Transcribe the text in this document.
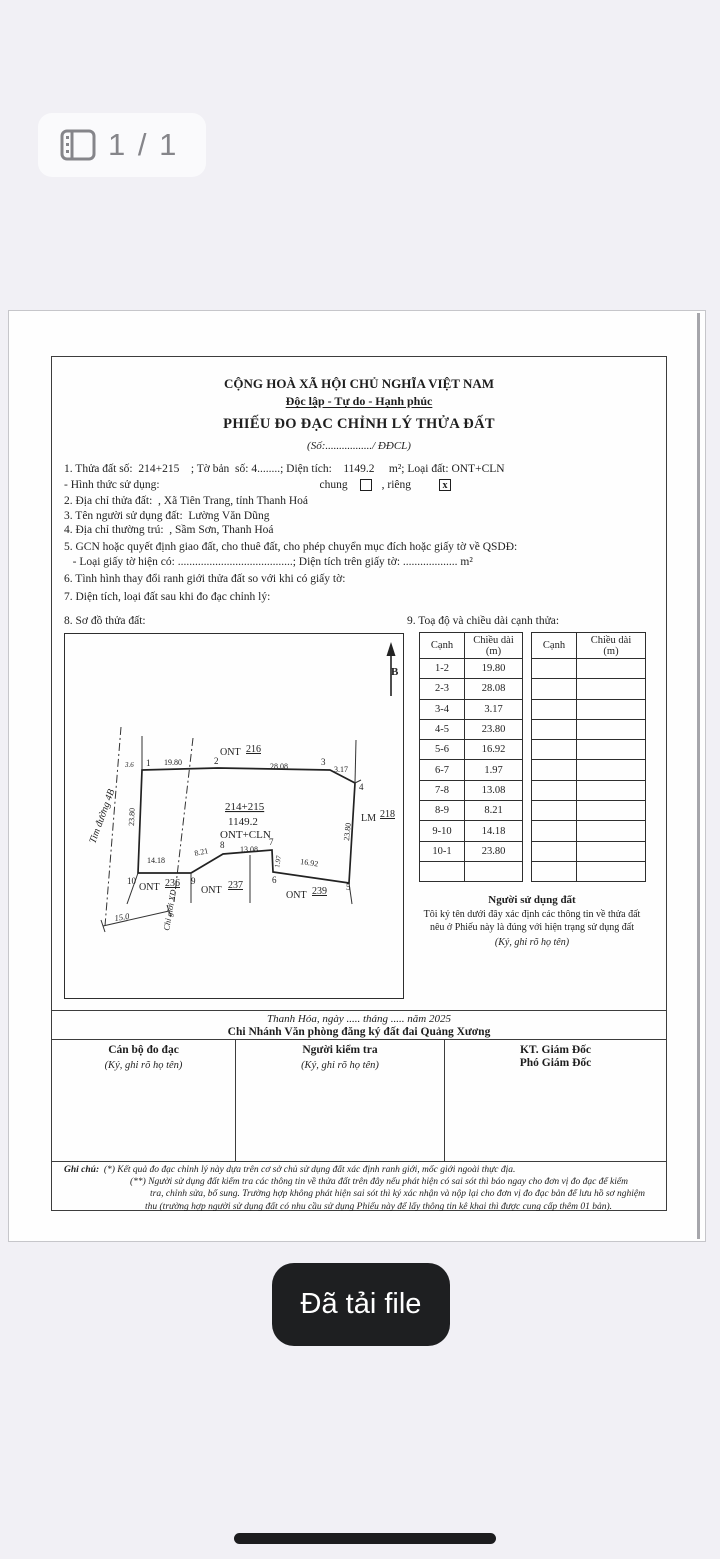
1 / 1
CỘNG HOÀ XÃ HỘI CHỦ NGHĨA VIỆT NAM
Độc lập - Tự do - Hạnh phúc
PHIẾU ĐO ĐẠC CHỈNH LÝ THỬA ĐẤT
(Số:................./ ĐĐCL)
1. Thửa đất số:  214+215    ; Tờ bản  số: 4........; Diện tích:    1149.2     m²; Loại đất: ONT+CLN
- Hình thức sử dụng:	chung	, riêng	x
2. Địa chỉ thửa đất:  , Xã Tiên Trang, tỉnh Thanh Hoá
3. Tên người sử dụng đất:  Lường Văn Dũng
4. Địa chỉ thường trú:  , Sầm Sơn, Thanh Hoá
5. GCN hoặc quyết định giao đất, cho thuê đất, cho phép chuyển mục đích hoặc giấy tờ về QSDĐ:
- Loại giấy tờ hiện có: ........................................; Diện tích trên giấy tờ: ................... m²
6. Tình hình thay đổi ranh giới thửa đất so với khi có giấy tờ:
7. Diện tích, loại đất sau khi đo đạc chỉnh lý:
8. Sơ đồ thửa đất:	9. Toạ độ và chiều dài cạnh thửa:
B
ONT 216
3.6 1 19.80	2
28.08	3
3.17
4
214+215
1149.2
ONT+CLN
LM 218
23.80
23.80
14.18
10
ONT 236
8.21
9
ONT 237
8 13.08
7
1.97
6
16.92
5
ONT 239
Chỉ giới XD
15.0
Tim đường 4B
Cạnh	Chiều dài
(m)

1-2	19.80
2-3	28.08
3-4	3.17
4-5	23.80
5-6	16.92
6-7	1.97
7-8	13.08
8-9	8.21
9-10	14.18
10-1	23.80

Cạnh	Chiều dài
(m)

Người sử dụng đất
Tôi ký tên dưới đây xác định các thông tin về thửa đất
nêu ở Phiếu này là đúng với hiện trạng sử dụng đất
(Ký, ghi rõ họ tên)
Thanh Hóa, ngày ..... tháng ..... năm 2025
Chi Nhánh Văn phòng đăng ký đất đai Quảng Xương
Cán bộ đo đạc
(Ký, ghi rõ họ tên)
Người kiểm tra
(Ký, ghi rõ họ tên)
KT. Giám Đốc
Phó Giám Đốc
Ghi chú:  (*) Kết quả đo đạc chỉnh lý này dựa trên cơ sở chủ sử dụng đất xác định ranh giới, mốc giới ngoài thực địa.
(**) Người sử dụng đất kiểm tra các thông tin về thửa đất trên đây nếu phát hiện có sai sót thì báo ngay cho đơn vị đo đạc để kiểm
tra, chỉnh sửa, bổ sung. Trường hợp không phát hiện sai sót thì ký xác nhận và nộp lại cho đơn vị đo đạc bản để lưu hồ sơ nghiệm
thu (trường hợp người sử dụng đất có nhu cầu sử dụng Phiếu này để lấy thông tin kê khai thì được cung cấp thêm 01 bản).
Đã tải file
